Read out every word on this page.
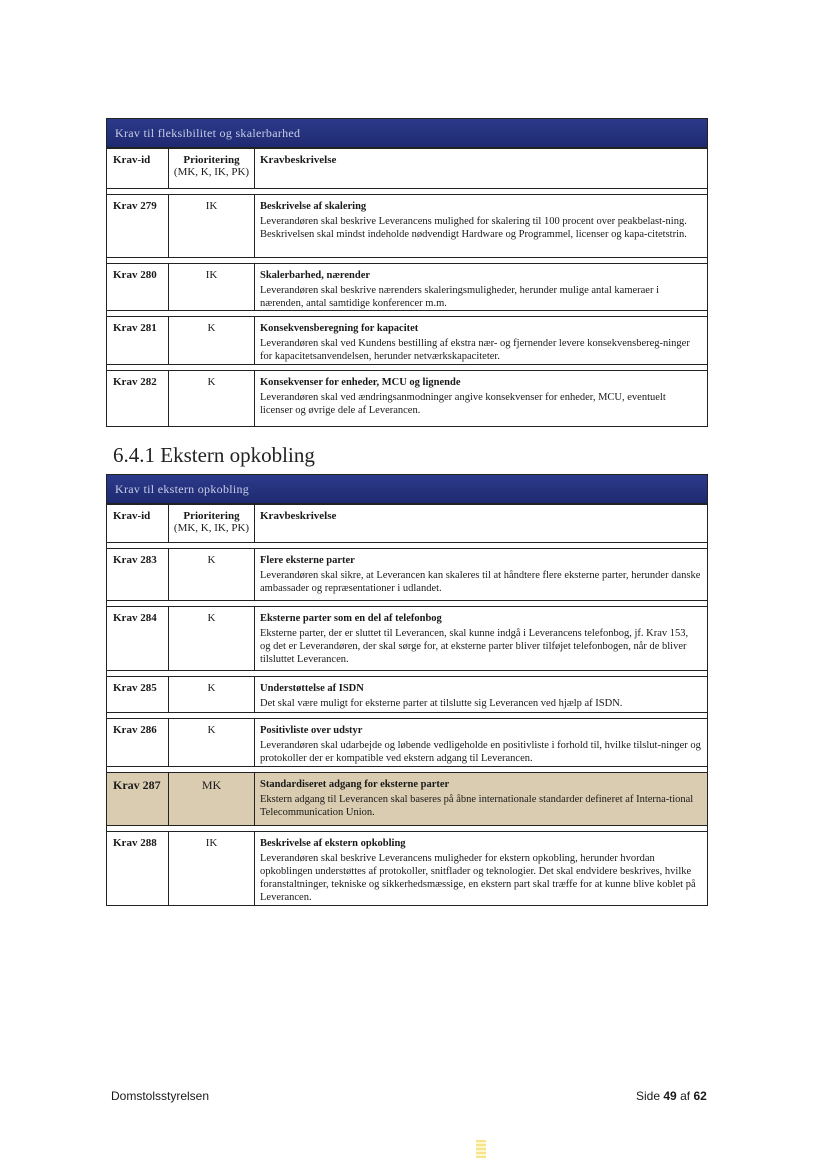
Krav til fleksibilitet og skalerbarhed
Krav-id	Prioritering
(MK, K, IK, PK)
Kravbeskrivelse
Krav 279	IK	Beskrivelse af skalering
Leverandøren skal beskrive Leverancens mulighed for skalering til 100 procent over peakbelast-ning. Beskrivelsen skal mindst indeholde nødvendigt Hardware og Programmel, licenser og kapa-citetstrin.
Krav 280	IK	Skalerbarhed, nærender
Leverandøren skal beskrive nærenders skaleringsmuligheder, herunder mulige antal kameraer i nærenden, antal samtidige konferencer m.m.
Krav 281	K	Konsekvensberegning for kapacitet
Leverandøren skal ved Kundens bestilling af ekstra nær- og fjernender levere konsekvensbereg-ninger for kapacitetsanvendelsen, herunder netværkskapaciteter.
Krav 282	K	Konsekvenser for enheder, MCU og lignende
Leverandøren skal ved ændringsanmodninger angive konsekvenser for enheder, MCU, eventuelt licenser og øvrige dele af Leverancen.
6.4.1 Ekstern opkobling
Krav til ekstern opkobling
Krav-id	Prioritering
(MK, K, IK, PK)
Kravbeskrivelse
Krav 283	K	Flere eksterne parter
Leverandøren skal sikre, at Leverancen kan skaleres til at håndtere flere eksterne parter, herunder danske ambassader og repræsentationer i udlandet.
Krav 284	K	Eksterne parter som en del af telefonbog
Eksterne parter, der er sluttet til Leverancen, skal kunne indgå i Leverancens telefonbog, jf. Krav 153, og det er Leverandøren, der skal sørge for, at eksterne parter bliver tilføjet telefonbogen, når de bliver tilsluttet Leverancen.
Krav 285	K	Understøttelse af ISDN
Det skal være muligt for eksterne parter at tilslutte sig Leverancen ved hjælp af ISDN.
Krav 286	K	Positivliste over udstyr
Leverandøren skal udarbejde og løbende vedligeholde en positivliste i forhold til, hvilke tilslut-ninger og protokoller der er kompatible ved ekstern adgang til Leverancen.
Krav 287	MK	Standardiseret adgang for eksterne parter
Ekstern adgang til Leverancen skal baseres på åbne internationale standarder defineret af Interna-tional Telecommunication Union.
Krav 288	IK	Beskrivelse af ekstern opkobling
Leverandøren skal beskrive Leverancens muligheder for ekstern opkobling, herunder hvordan opkoblingen understøttes af protokoller, snitflader og teknologier. Det skal endvidere beskrives, hvilke foranstaltninger, tekniske og sikkerhedsmæssige, en ekstern part skal træffe for at kunne blive koblet på Leverancen.
Domstolsstyrelsen	Side 49 af 62
